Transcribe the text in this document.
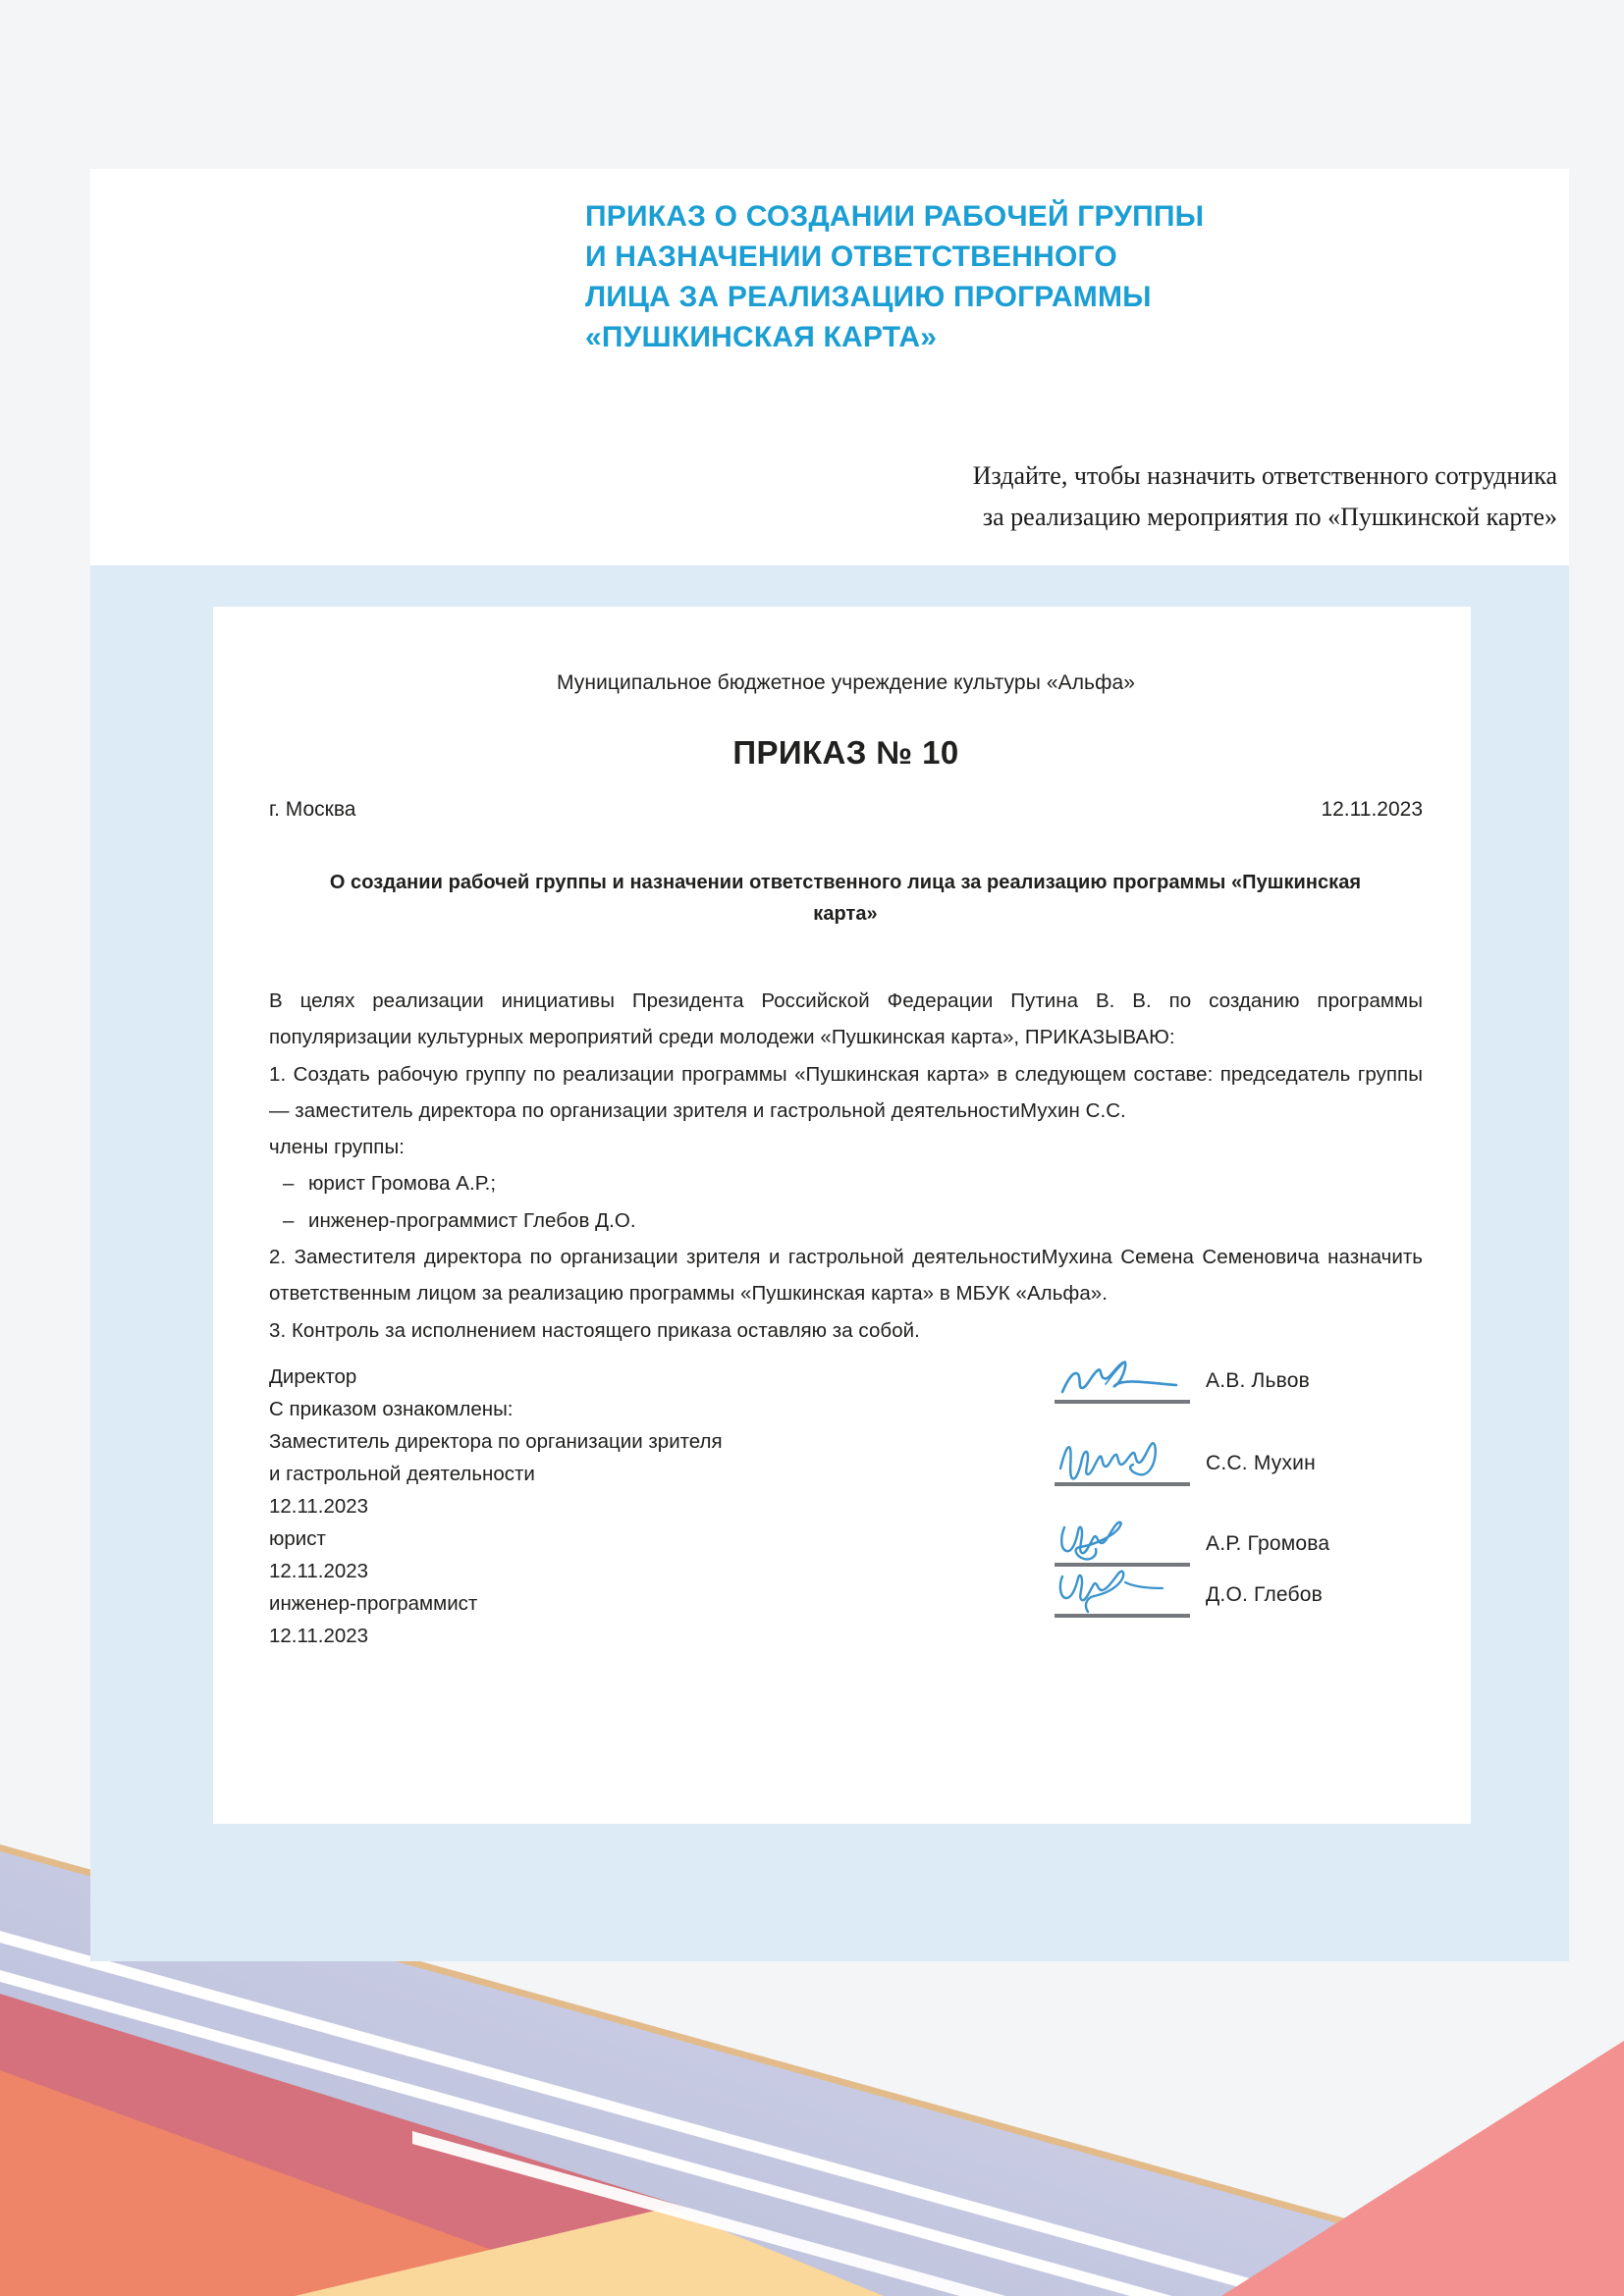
ПРИКАЗ О СОЗДАНИИ РАБОЧЕЙ ГРУППЫ
И НАЗНАЧЕНИИ ОТВЕТСТВЕННОГО
ЛИЦА ЗА РЕАЛИЗАЦИЮ ПРОГРАММЫ
«ПУШКИНСКАЯ КАРТА»
Издайте, чтобы назначить ответственного сотрудника
за реализацию мероприятия по «Пушкинской карте»
Муниципальное бюджетное учреждение культуры «Альфа»
ПРИКАЗ № 10
г. Москва	12.11.2023
О создании рабочей группы и назначении ответственного лица за реализацию программы «Пушкинская карта»

В целях реализации инициативы Президента Российской Федерации Путина В. В. по созданию программы популяризации культурных мероприятий среди молодежи «Пушкинская карта», ПРИКАЗЫВАЮ:

1. Создать рабочую группу по реализации программы «Пушкинская карта» в следующем составе: председатель группы — заместитель директора по организации зрителя и гастрольной деятельностиМухин С.С.

члены группы:

– юрист Громова А.Р.;

– инженер-программист Глебов Д.О.

2. Заместителя директора по организации зрителя и гастрольной деятельностиМухина Семена Семеновича назначить ответственным лицом за реализацию программы «Пушкинская карта» в МБУК «Альфа».

3. Контроль за исполнением настоящего приказа оставляю за собой.

Директор
С приказом ознакомлены:
Заместитель директора по организации зрителя
и гастрольной деятельности
12.11.2023
юрист
12.11.2023
инженер-программист
12.11.2023
А.В. Львов
С.С. Мухин
А.Р. Громова
Д.О. Глебов
